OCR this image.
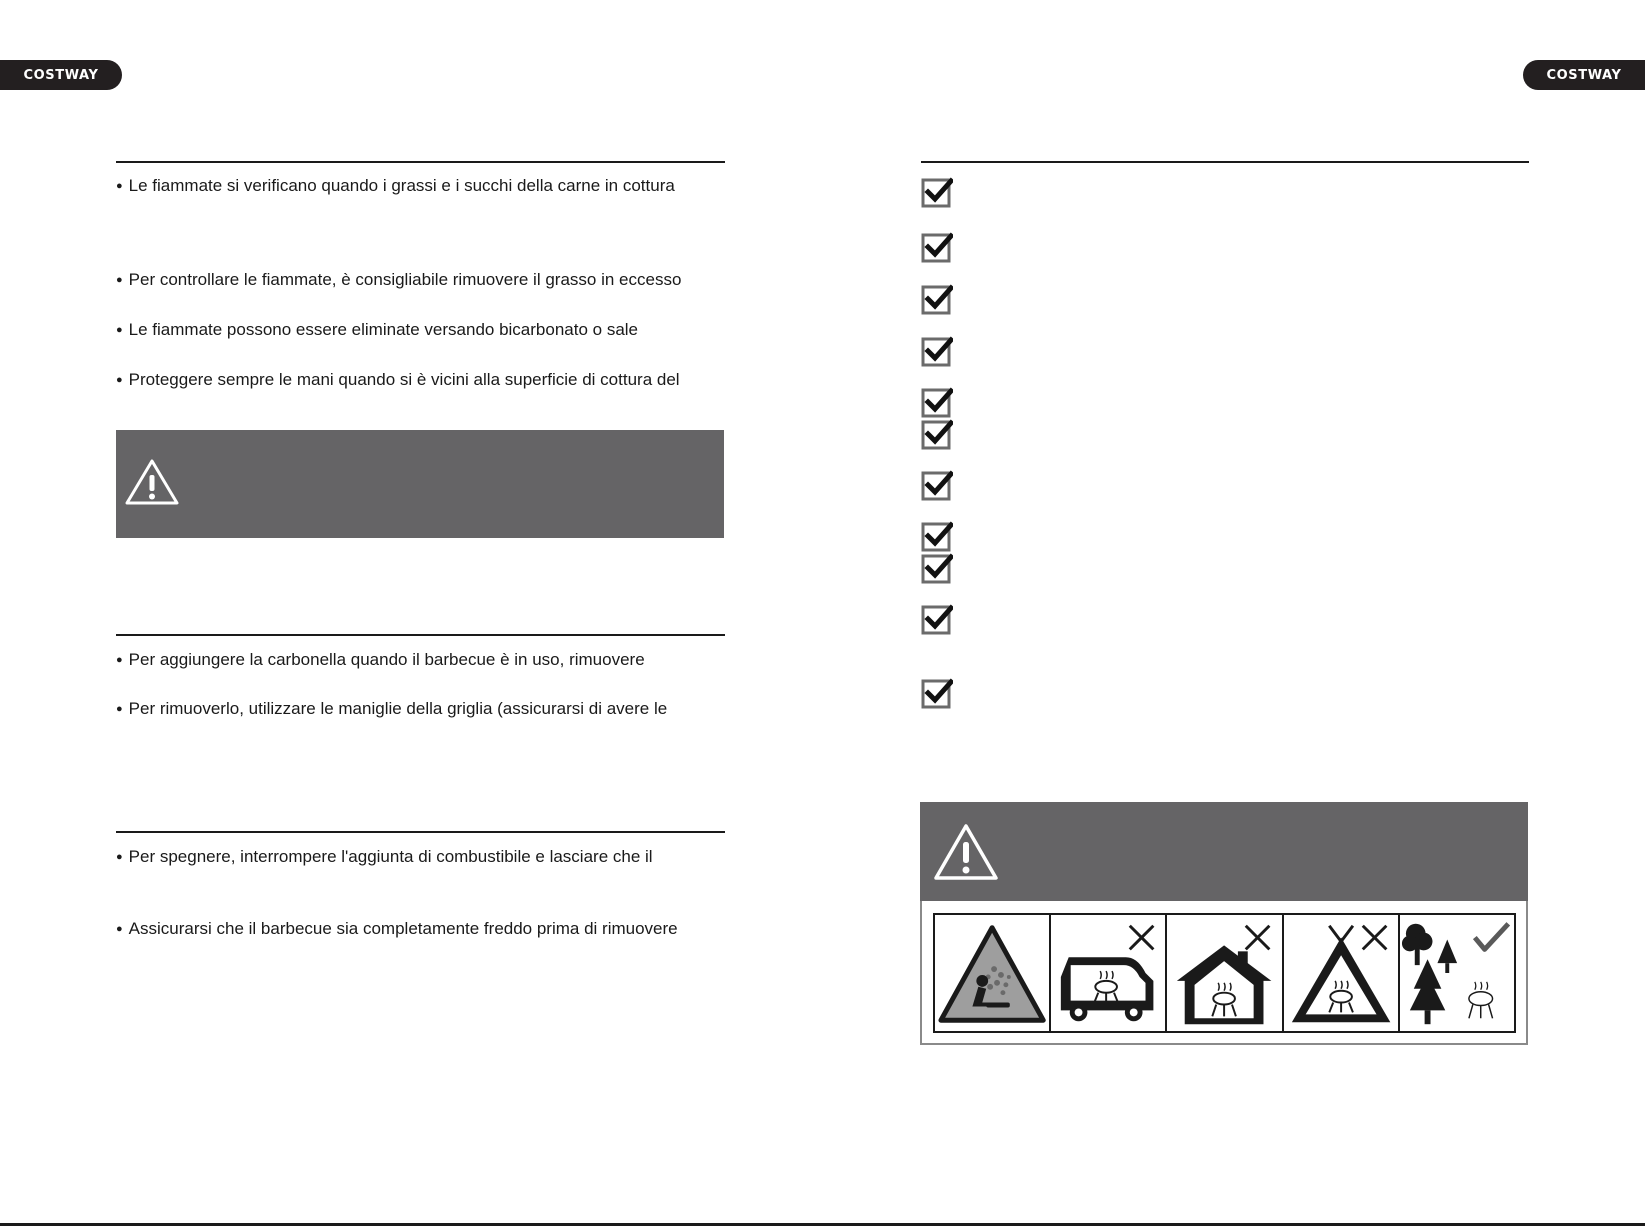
COSTWAY	COSTWAY
● Le fiammate si verificano quando i grassi e i succhi della carne in cottura
● Per controllare le fiammate, è consigliabile rimuovere il grasso in eccesso
● Le fiammate possono essere eliminate versando bicarbonato o sale
● Proteggere sempre le mani quando si è vicini alla superficie di cottura del
● Per aggiungere la carbonella quando il barbecue è in uso, rimuovere
● Per rimuoverlo, utilizzare le maniglie della griglia (assicurarsi di avere le
● Per spegnere, interrompere l'aggiunta di combustibile e lasciare che il
● Assicurarsi che il barbecue sia completamente freddo prima di rimuovere
